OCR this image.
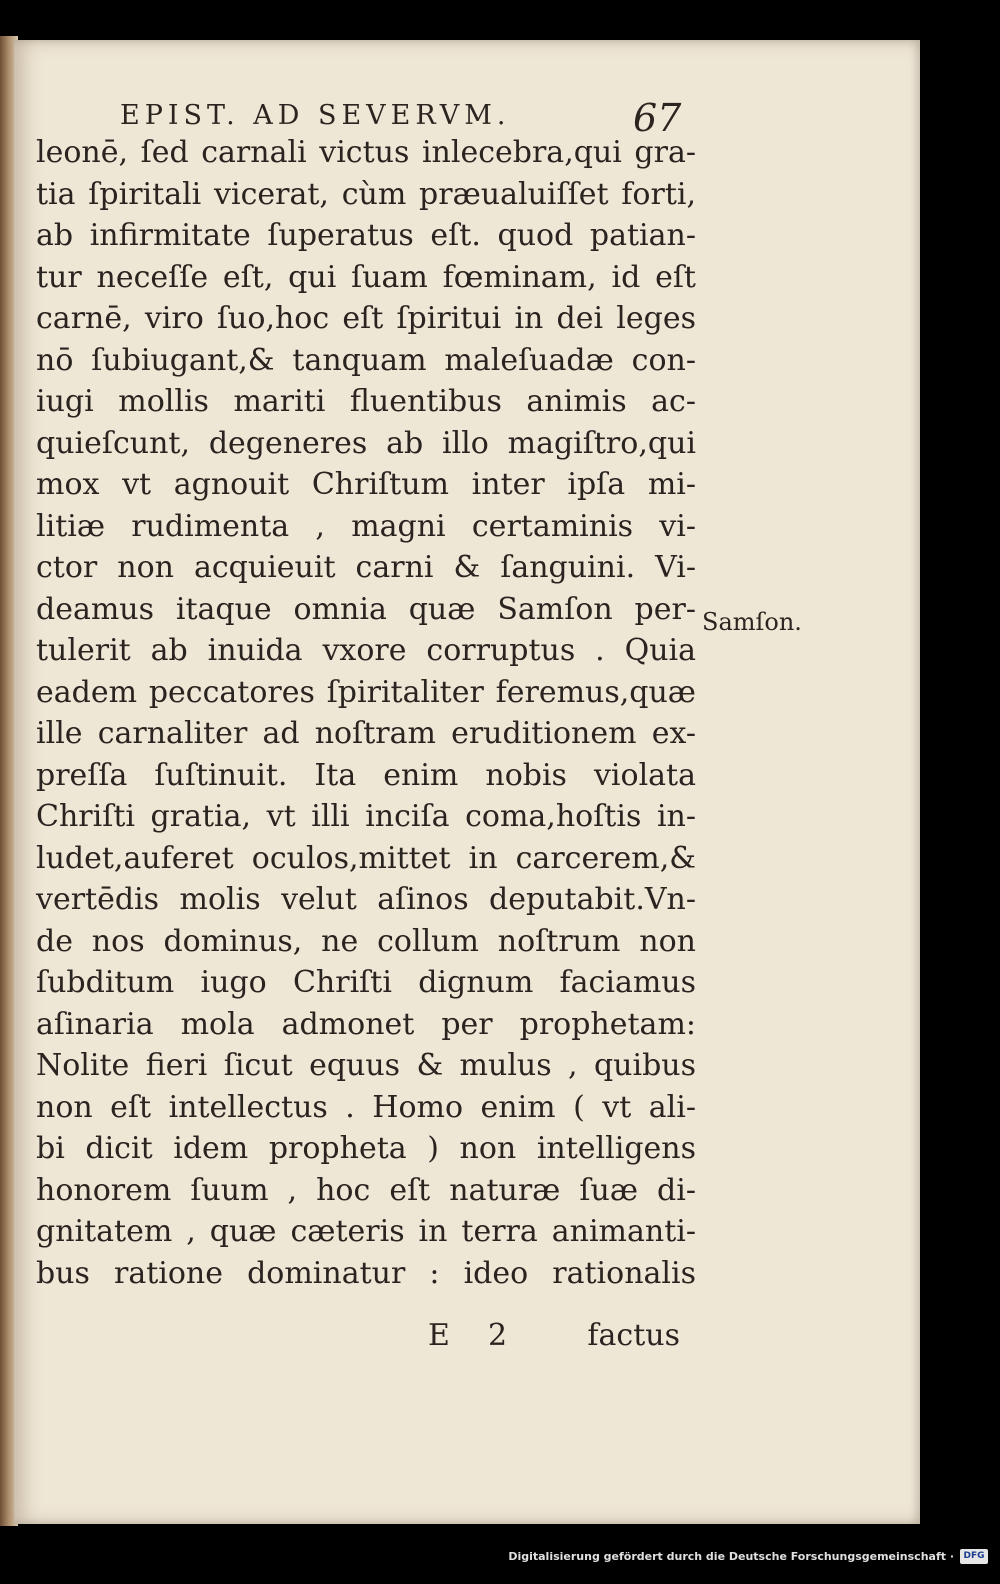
EPIST. AD SEVERVM.	67
leonē, ſed carnali victus inlecebra,qui gra-
tia ſpiritali vicerat, cùm præualuiſſet forti,
ab infirmitate ſuperatus eſt. quod patian-
tur neceſſe eſt, qui ſuam fœminam, id eſt
carnē, viro ſuo,hoc eſt ſpiritui in dei leges
nō ſubiugant,& tanquam maleſuadæ con-
iugi mollis mariti fluentibus animis ac-
quieſcunt, degeneres ab illo magiſtro,qui
mox vt agnouit Chriſtum inter ipſa mi-
litiæ rudimenta , magni certaminis vi-
ctor non acquieuit carni & ſanguini. Vi-
deamus itaque omnia quæ Samſon per-
tulerit ab inuida vxore corruptus . Quia
eadem peccatores ſpiritaliter feremus,quæ
ille carnaliter ad noſtram eruditionem ex-
preſſa ſuſtinuit. Ita enim nobis violata
Chriſti gratia, vt illi inciſa coma,hoſtis in-
ludet,auferet oculos,mittet in carcerem,&
vertēdis molis velut aſinos deputabit.Vn-
de nos dominus, ne collum noſtrum non
ſubditum iugo Chriſti dignum faciamus
aſinaria mola admonet per prophetam:
Nolite fieri ſicut equus & mulus , quibus
non eſt intellectus . Homo enim ( vt ali-
bi dicit idem propheta ) non intelligens
honorem ſuum , hoc eſt naturæ ſuæ di-
gnitatem , quæ cæteris in terra animanti-
bus ratione dominatur : ideo rationalis
Samſon.
E 2	factus
Digitalisierung gefördert durch die Deutsche Forschungsgemeinschaft ·	DFG
